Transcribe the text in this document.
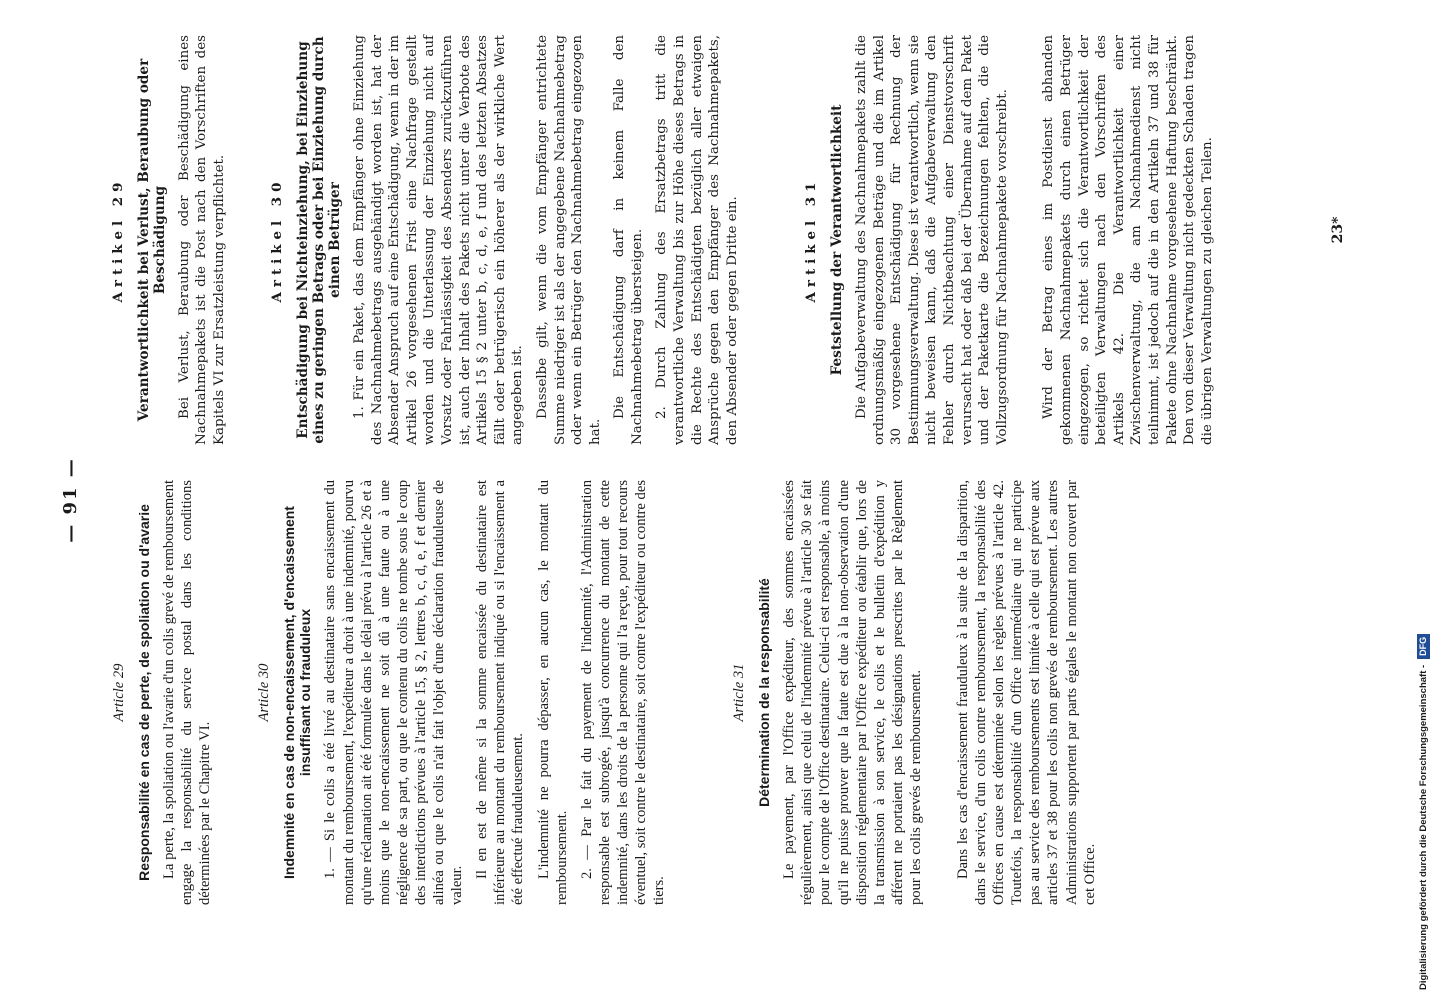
— 91 —
Article 29 Responsabilité en cas de perte, de spoliation ou d'avarie La perte, la spoliation ou l'avarie d'un colis grevé de remboursement engage la responsabilité du service postal dans les conditions déterminées par le Chapitre VI.

Article 30 Indemnité en cas de non-encaissement, d'encaissement insuffisant ou frauduleux 1. — Si le colis a été livré au destinataire sans encaissement du montant du remboursement, l'expéditeur a droit à une indemnité, pourvu qu'une réclamation ait été formulée dans le délai prévu à l'article 26 et à moins que le non-encaissement ne soit dû à une faute ou à une négligence de sa part, ou que le contenu du colis ne tombe sous le coup des interdictions prévues à l'article 15, § 2, lettres b, c, d, e, f et dernier alinéa ou que le colis n'ait fait l'objet d'une déclaration frauduleuse de valeur.

Il en est de même si la somme encaissée du destinataire est inférieure au montant du remboursement indiqué ou si l'encaissement a été effectué frauduleusement. L'indemnité ne pourra dépasser, en aucun cas, le montant du remboursement. 2. — Par le fait du payement de l'indemnité, l'Administration responsable est subrogée, jusqu'à concurrence du montant de cette indemnité, dans les droits de la personne qui l'a reçue, pour tout recours éventuel, soit contre le destinataire, soit contre l'expéditeur ou contre des tiers.

Article 31 Détermination de la responsabilité Le payement, par l'Office expéditeur, des sommes encaissées régulièrement, ainsi que celui de l'indemnité prévue à l'article 30 se fait pour le compte de l'Office destinataire. Celui-ci est responsable, à moins qu'il ne puisse prouver que la faute est due à la non-observation d'une disposition réglementaire par l'Office expéditeur ou établir que, lors de la transmission à son service, le colis et le bulletin d'expédition y afférent ne portaient pas les désignations prescrites par le Règlement pour les colis grevés de remboursement. Dans les cas d'encaissement frauduleux à la suite de la disparition, dans le service, d'un colis contre remboursement, la responsabilité des Offices en cause est déterminée selon les règles prévues à l'article 42. Toutefois, la responsabilité d'un Office intermédiaire qui ne participe pas au service des remboursements est limitée à celle qui est prévue aux articles 37 et 38 pour les colis non grevés de remboursement. Les autres Administrations supportent par parts égales le montant non couvert par cet Office.

Artikel 29 Verantwortlichkeit bei Verlust, Beraubung oder Beschädigung Bei Verlust, Beraubung oder Beschädigung eines Nachnahmepakets ist die Post nach den Vorschriften des Kapitels VI zur Ersatzleistung verpflichtet.	Artikel 30 Entschädigung bei Nichteinziehung, bei Einziehung eines zu geringen Betrags oder bei Einziehung durch einen Betrüger 1. Für ein Paket, das dem Empfänger ohne Einziehung des Nachnahmebetrags ausgehändigt worden ist, hat der Absender Anspruch auf eine Entschädigung, wenn in der im Artikel 26 vorgesehenen Frist eine Nachfrage gestellt worden und die Unterlassung der Einziehung nicht auf Vorsatz oder Fahrlässigkeit des Absenders zurückzuführen ist, auch der Inhalt des Pakets nicht unter die Verbote des Artikels 15 § 2 unter b, c, d, e, f und des letzten Absatzes fällt oder betrügerisch ein höherer als der wirkliche Wert angegeben ist. Dasselbe gilt, wenn die vom Empfänger entrichtete Summe niedriger ist als der angegebene Nachnahmebetrag oder wenn ein Betrüger den Nachnahmebetrag eingezogen hat.

Die Entschädigung darf in keinem Falle den Nachnahmebetrag übersteigen. 2. Durch Zahlung des Ersatzbetrags tritt die verantwortliche Verwaltung bis zur Höhe dieses Betrags in die Rechte des Entschädigten bezüglich aller etwaigen Ansprüche gegen den Empfänger des Nachnahmepakets, den Absender oder gegen Dritte ein.	Artikel 31 Feststellung der Verantwortlichkeit Die Aufgabeverwaltung des Nachnahmepakets zahlt die ordnungsmäßig eingezogenen Beträge und die im Artikel 30 vorgesehene Entschädigung für Rechnung der Bestimmungsverwaltung. Diese ist verantwortlich, wenn sie nicht beweisen kann, daß die Aufgabeverwaltung den Fehler durch Nichtbeachtung einer Dienstvorschrift verursacht hat oder daß bei der Übernahme auf dem Paket und der Paketkarte die Bezeichnungen fehlten, die die Vollzugsordnung für Nachnahmepakete vorschreibt. Wird der Betrag eines im Postdienst abhanden gekommenen Nachnahmepakets durch einen Betrüger eingezogen, so richtet sich die Verantwortlichkeit der beteiligten Verwaltungen nach den Vorschriften des Artikels 42. Die Verantwortlichkeit einer Zwischenverwaltung, die am Nachnahmedienst nicht teilnimmt, ist jedoch auf die in den Artikeln 37 und 38 für Pakete ohne Nachnahme vorgesehene Haftung beschränkt. Den von dieser Verwaltung nicht gedeckten Schaden tragen die übrigen Verwaltungen zu gleichen Teilen.	23*
Digitalisierung gefördert durch die Deutsche Forschungsgemeinschaft -DFG
